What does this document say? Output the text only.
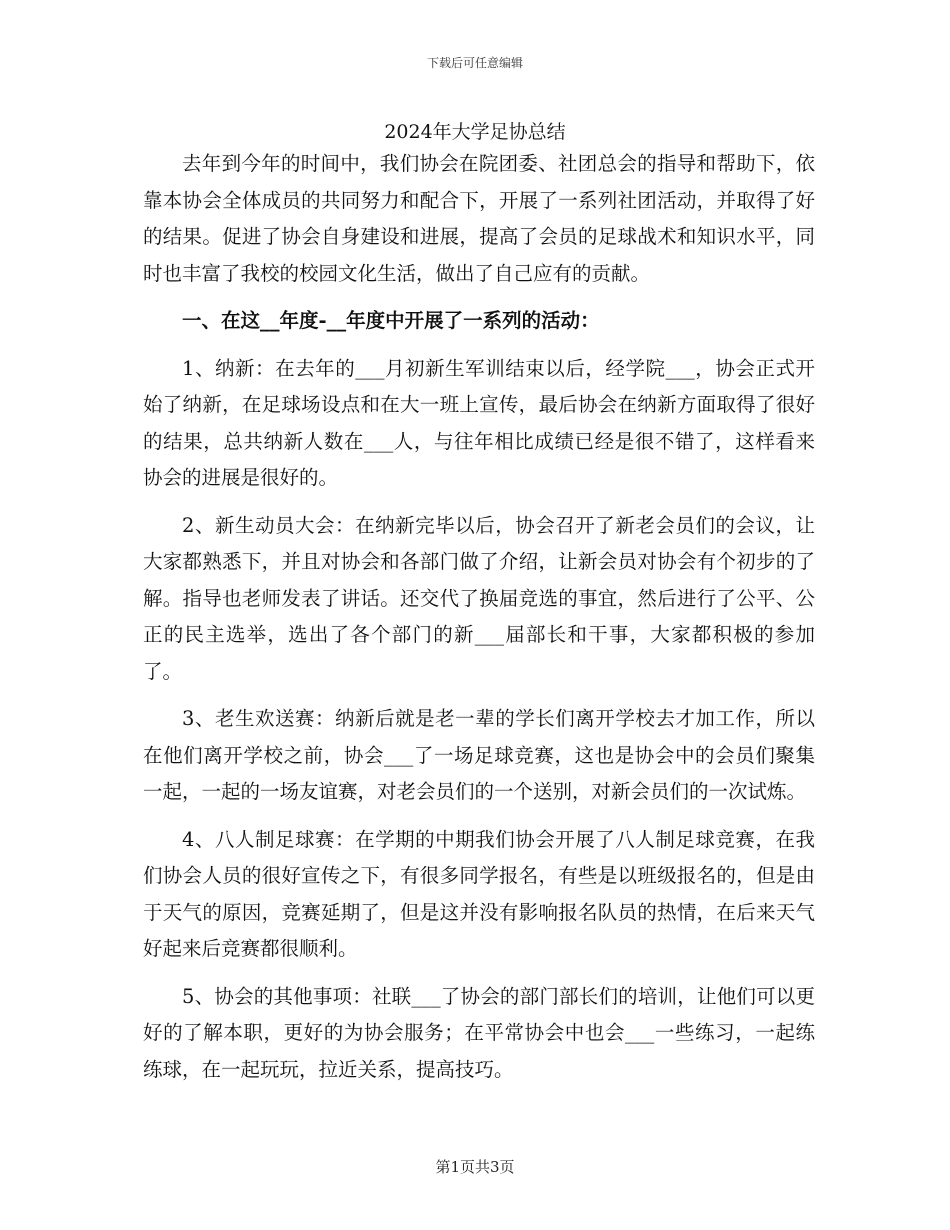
下载后可任意编辑
2024年大学足协总结

去年到今年的时间中，我们协会在院团委、社团总会的指导和帮助下，依靠本协会全体成员的共同努力和配合下，开展了一系列社团活动，并取得了好的结果。促进了协会自身建设和进展，提高了会员的足球战术和知识水平，同时也丰富了我校的校园文化生活，做出了自己应有的贡献。

一、在这__年度-__年度中开展了一系列的活动：

1、纳新：在去年的___月初新生军训结束以后，经学院___，协会正式开始了纳新，在足球场设点和在大一班上宣传，最后协会在纳新方面取得了很好的结果，总共纳新人数在___人，与往年相比成绩已经是很不错了，这样看来协会的进展是很好的。

2、新生动员大会：在纳新完毕以后，协会召开了新老会员们的会议，让大家都熟悉下，并且对协会和各部门做了介绍，让新会员对协会有个初步的了解。指导也老师发表了讲话。还交代了换届竞选的事宜，然后进行了公平、公正的民主选举，选出了各个部门的新___届部长和干事，大家都积极的参加了。

3、老生欢送赛：纳新后就是老一辈的学长们离开学校去才加工作，所以在他们离开学校之前，协会___了一场足球竞赛，这也是协会中的会员们聚集一起，一起的一场友谊赛，对老会员们的一个送别，对新会员们的一次试炼。

4、八人制足球赛：在学期的中期我们协会开展了八人制足球竞赛，在我们协会人员的很好宣传之下，有很多同学报名，有些是以班级报名的，但是由于天气的原因，竞赛延期了，但是这并没有影响报名队员的热情，在后来天气好起来后竞赛都很顺利。

5、协会的其他事项：社联___了协会的部门部长们的培训，让他们可以更好的了解本职，更好的为协会服务；在平常协会中也会___一些练习，一起练练球，在一起玩玩，拉近关系，提高技巧。

第1页共3页
